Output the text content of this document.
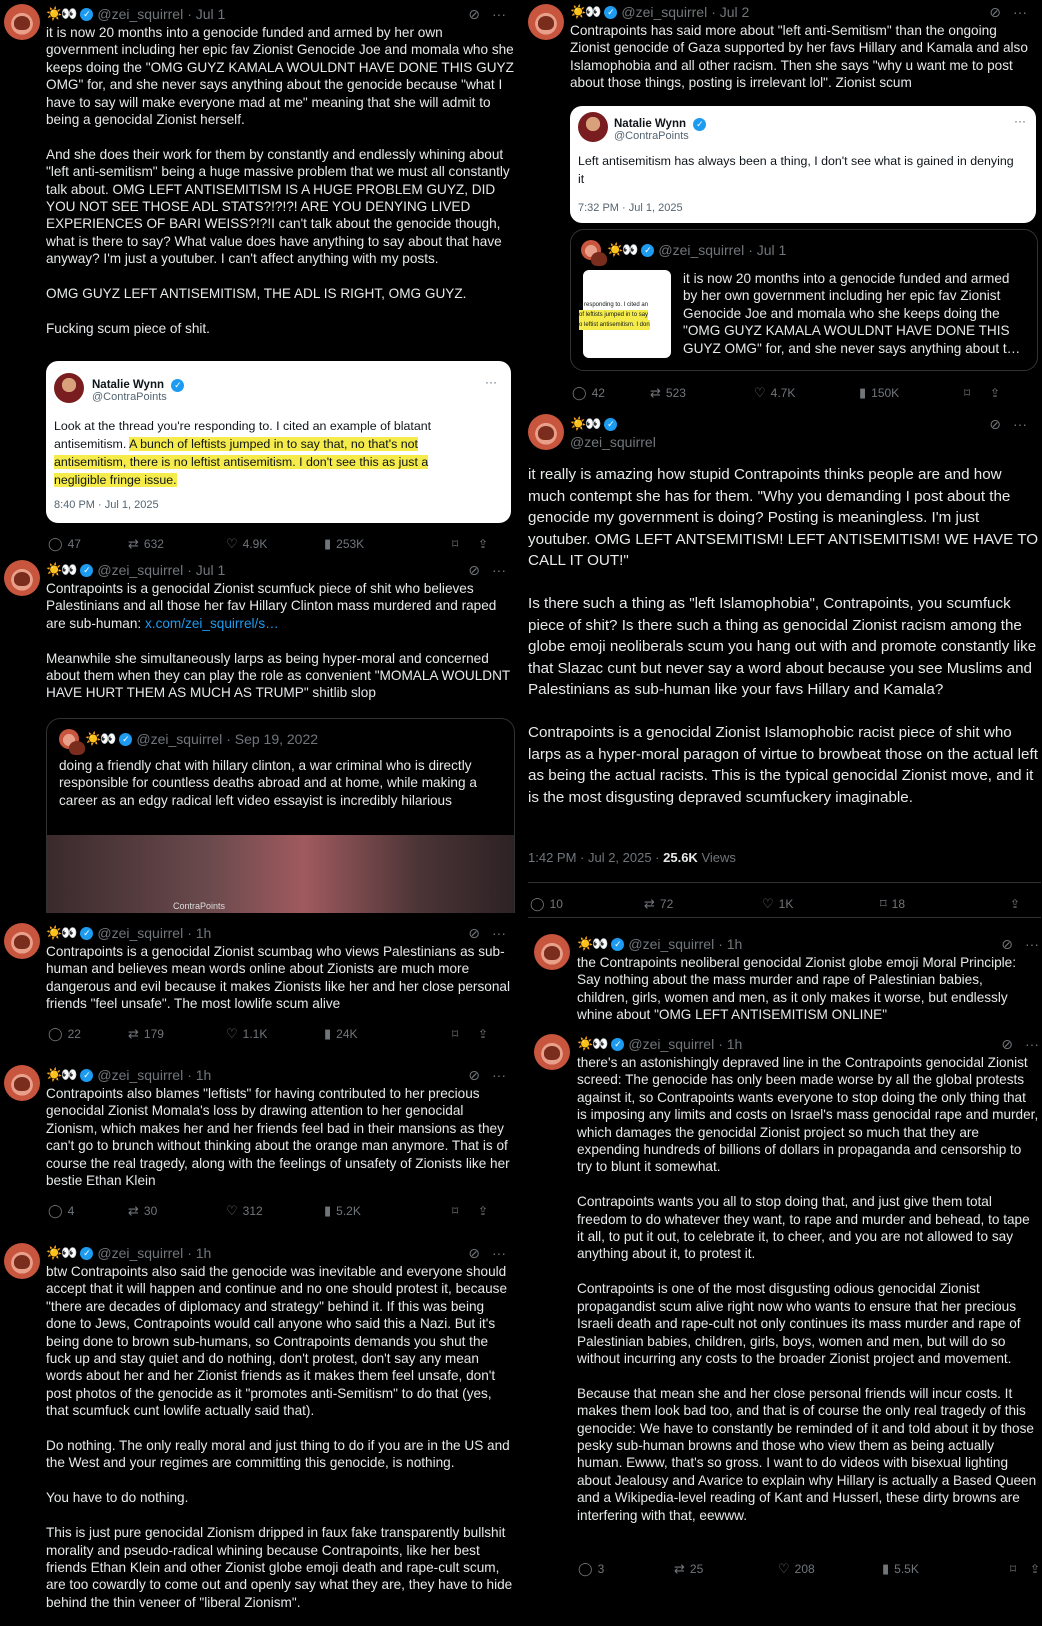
☀️👀 ✓ @zei_squirrel · Jul 1	⊘ ···
it is now 20 months into a genocide funded and armed by her own government including her epic fav Zionist Genocide Joe and momala who she keeps doing the "OMG GUYZ KAMALA WOULDNT HAVE DONE THIS GUYZ OMG" for, and she never says anything about the genocide because "what I have to say will make everyone mad at me" meaning that she will admit to being a genocidal Zionist herself.

And she does their work for them by constantly and endlessly whining about "left anti-semitism" being a huge massive problem that we must all constantly talk about. OMG LEFT ANTISEMITISM IS A HUGE PROBLEM GUYZ, DID YOU NOT SEE THOSE ADL STATS?!?!?! ARE YOU DENYING LIVED EXPERIENCES OF BARI WEISS?!?!I can't talk about the genocide though, what is there to say? What value does have anything to say about that have anyway? I'm just a youtuber. I can't affect anything with my posts.

OMG GUYZ LEFT ANTISEMITISM, THE ADL IS RIGHT, OMG GUYZ.

Fucking scum piece of shit.
Natalie Wynn ✓
@ContraPoints
···
Look at the thread you're responding to. I cited an example of blatant antisemitism. A bunch of leftists jumped in to say that, no that's not antisemitism, there is no leftist antisemitism. I don't see this as just a negligible fringe issue.
8:40 PM · Jul 1, 2025
◯ 47	⇄ 632	♡ 4.9K	▮ 253K	⌑	⇪
☀️👀 ✓ @zei_squirrel · Jul 1	⊘ ···
Contrapoints is a genocidal Zionist scumfuck piece of shit who believes Palestinians and all those her fav Hillary Clinton mass murdered and raped are sub-human: x.com/zei_squirrel/s…

Meanwhile she simultaneously larps as being hyper-moral and concerned about them when they can play the role as convenient "MOMALA WOULDNT HAVE HURT THEM AS MUCH AS TRUMP" shitlib slop
☀️👀 ✓ @zei_squirrel · Sep 19, 2022
doing a friendly chat with hillary clinton, a war criminal who is directly responsible for countless deaths abroad and at home, while making a career as an edgy radical left video essayist is incredibly hilarious
ContraPoints
☀️👀 ✓ @zei_squirrel · 1h	⊘ ···
Contrapoints is a genocidal Zionist scumbag who views Palestinians as sub-human and believes mean words online about Zionists are much more dangerous and evil because it makes Zionists like her and her close personal friends "feel unsafe". The most lowlife scum alive
◯ 22	⇄ 179	♡ 1.1K	▮ 24K	⌑	⇪
☀️👀 ✓ @zei_squirrel · 1h	⊘ ···
Contrapoints also blames "leftists" for having contributed to her precious genocidal Zionist Momala's loss by drawing attention to her genocidal Zionism, which makes her and her friends feel bad in their mansions as they can't go to brunch without thinking about the orange man anymore. That is of course the real tragedy, along with the feelings of unsafety of Zionists like her bestie Ethan Klein
◯ 4	⇄ 30	♡ 312	▮ 5.2K	⌑	⇪
☀️👀 ✓ @zei_squirrel · 1h	⊘ ···
btw Contrapoints also said the genocide was inevitable and everyone should accept that it will happen and continue and no one should protest it, because "there are decades of diplomacy and strategy" behind it. If this was being done to Jews, Contrapoints would call anyone who said this a Nazi. But it's being done to brown sub-humans, so Contrapoints demands you shut the fuck up and stay quiet and do nothing, don't protest, don't say any mean words about her and her Zionist friends as it makes them feel unsafe, don't post photos of the genocide as it "promotes anti-Semitism" to do that (yes, that scumfuck cunt lowlife actually said that).

Do nothing. The only really moral and just thing to do if you are in the US and the West and your regimes are committing this genocide, is nothing.

You have to do nothing.

This is just pure genocidal Zionism dripped in faux fake transparently bullshit morality and pseudo-radical whining because Contrapoints, like her best friends Ethan Klein and other Zionist globe emoji death and rape-cult scum, are too cowardly to come out and openly say what they are, they have to hide behind the thin veneer of "liberal Zionism".
☀️👀 ✓ @zei_squirrel · Jul 2	⊘ ···
Contrapoints has said more about "left anti-Semitism" than the ongoing Zionist genocide of Gaza supported by her favs Hillary and Kamala and also Islamophobia and all other racism. Then she says "why u want me to post about those things, posting is irrelevant lol". Zionist scum
Natalie Wynn ✓
@ContraPoints
···
Left antisemitism has always been a thing, I don't see what is gained in denying it
7:32 PM · Jul 1, 2025
☀️👀 ✓ @zei_squirrel · Jul 1
e responding to. I cited an
of leftists jumped in to say
o leftist antisemitism. I don
it is now 20 months into a genocide funded and armed by her own government including her epic fav Zionist Genocide Joe and momala who she keeps doing the "OMG GUYZ KAMALA WOULDNT HAVE DONE THIS GUYZ OMG" for, and she never says anything about t…
◯ 42	⇄ 523	♡ 4.7K	▮ 150K	⌑	⇪
☀️👀 ✓
@zei_squirrel
⊘ ···
it really is amazing how stupid Contrapoints thinks people are and how much contempt she has for them. "Why you demanding I post about the genocide my government is doing? Posting is meaningless. I'm just youtuber. OMG LEFT ANTSEMITISM! LEFT ANTISEMITISM! WE HAVE TO CALL IT OUT!"

Is there such a thing as "left Islamophobia", Contrapoints, you scumfuck piece of shit? Is there such a thing as genocidal Zionist racism among the globe emoji neoliberals scum you hang out with and promote constantly like that Slazac cunt but never say a word about because you see Muslims and Palestinians as sub-human like your favs Hillary and Kamala?

Contrapoints is a genocidal Zionist Islamophobic racist piece of shit who larps as a hyper-moral paragon of virtue to browbeat those on the actual left as being the actual racists. This is the typical genocidal Zionist move, and it is the most disgusting depraved scumfuckery imaginable.
1:42 PM · Jul 2, 2025 · 25.6K Views
◯ 10	⇄ 72	♡ 1K	⌑ 18	⇪
☀️👀 ✓ @zei_squirrel · 1h	⊘ ···
the Contrapoints neoliberal genocidal Zionist globe emoji Moral Principle: Say nothing about the mass murder and rape of Palestinian babies, children, girls, women and men, as it only makes it worse, but endlessly whine about "OMG LEFT ANTISEMITISM ONLINE"
☀️👀 ✓ @zei_squirrel · 1h	⊘ ···
there's an astonishingly depraved line in the Contrapoints genocidal Zionist screed: The genocide has only been made worse by all the global protests against it, so Contrapoints wants everyone to stop doing the only thing that is imposing any limits and costs on Israel's mass genocidal rape and murder, which damages the genocidal Zionist project so much that they are expending hundreds of billions of dollars in propaganda and censorship to try to blunt it somewhat.

Contrapoints wants you all to stop doing that, and just give them total freedom to do whatever they want, to rape and murder and behead, to tape it all, to put it out, to celebrate it, to cheer, and you are not allowed to say anything about it, to protest it.

Contrapoints is one of the most disgusting odious genocidal Zionist propagandist scum alive right now who wants to ensure that her precious Israeli death and rape-cult not only continues its mass murder and rape of Palestinian babies, children, girls, boys, women and men, but will do so without incurring any costs to the broader Zionist project and movement.

Because that mean she and her close personal friends will incur costs. It makes them look bad too, and that is of course the only real tragedy of this genocide: We have to constantly be reminded of it and told about it by those pesky sub-human browns and those who view them as being actually human. Ewww, that's so gross. I want to do videos with bisexual lighting about Jealousy and Avarice to explain why Hillary is actually a Based Queen and a Wikipedia-level reading of Kant and Husserl, these dirty browns are interfering with that, eewww.
◯ 3	⇄ 25	♡ 208	▮ 5.5K	⌑	⇪
